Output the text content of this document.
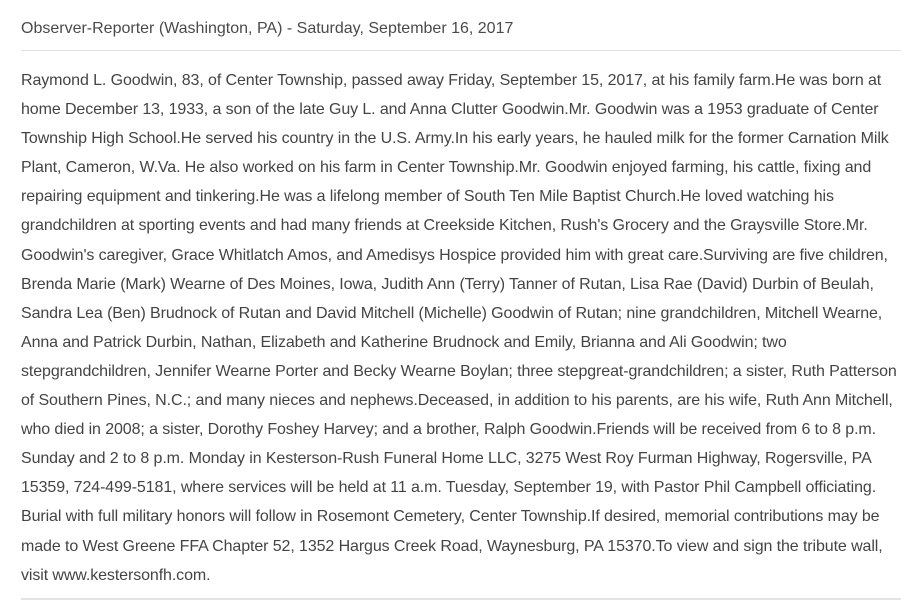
Observer-Reporter (Washington, PA) - Saturday, September 16, 2017

Raymond L. Goodwin, 83, of Center Township, passed away Friday, September 15, 2017, at his family farm.He was born at home December 13, 1933, a son of the late Guy L. and Anna Clutter Goodwin.Mr. Goodwin was a 1953 graduate of Center Township High School.He served his country in the U.S. Army.In his early years, he hauled milk for the former Carnation Milk Plant, Cameron, W.Va. He also worked on his farm in Center Township.Mr. Goodwin enjoyed farming, his cattle, fixing and repairing equipment and tinkering.He was a lifelong member of South Ten Mile Baptist Church.He loved watching his grandchildren at sporting events and had many friends at Creekside Kitchen, Rush's Grocery and the Graysville Store.Mr. Goodwin's caregiver, Grace Whitlatch Amos, and Amedisys Hospice provided him with great care.Surviving are five children, Brenda Marie (Mark) Wearne of Des Moines, Iowa, Judith Ann (Terry) Tanner of Rutan, Lisa Rae (David) Durbin of Beulah, Sandra Lea (Ben) Brudnock of Rutan and David Mitchell (Michelle) Goodwin of Rutan; nine grandchildren, Mitchell Wearne, Anna and Patrick Durbin, Nathan, Elizabeth and Katherine Brudnock and Emily, Brianna and Ali Goodwin; two stepgrandchildren, Jennifer Wearne Porter and Becky Wearne Boylan; three stepgreat-grandchildren; a sister, Ruth Patterson of Southern Pines, N.C.; and many nieces and nephews.Deceased, in addition to his parents, are his wife, Ruth Ann Mitchell, who died in 2008; a sister, Dorothy Foshey Harvey; and a brother, Ralph Goodwin.Friends will be received from 6 to 8 p.m. Sunday and 2 to 8 p.m. Monday in Kesterson-Rush Funeral Home LLC, 3275 West Roy Furman Highway, Rogersville, PA 15359, 724-499-5181, where services will be held at 11 a.m. Tuesday, September 19, with Pastor Phil Campbell officiating. Burial with full military honors will follow in Rosemont Cemetery, Center Township.If desired, memorial contributions may be made to West Greene FFA Chapter 52, 1352 Hargus Creek Road, Waynesburg, PA 15370.To view and sign the tribute wall, visit www.kestersonfh.com.
